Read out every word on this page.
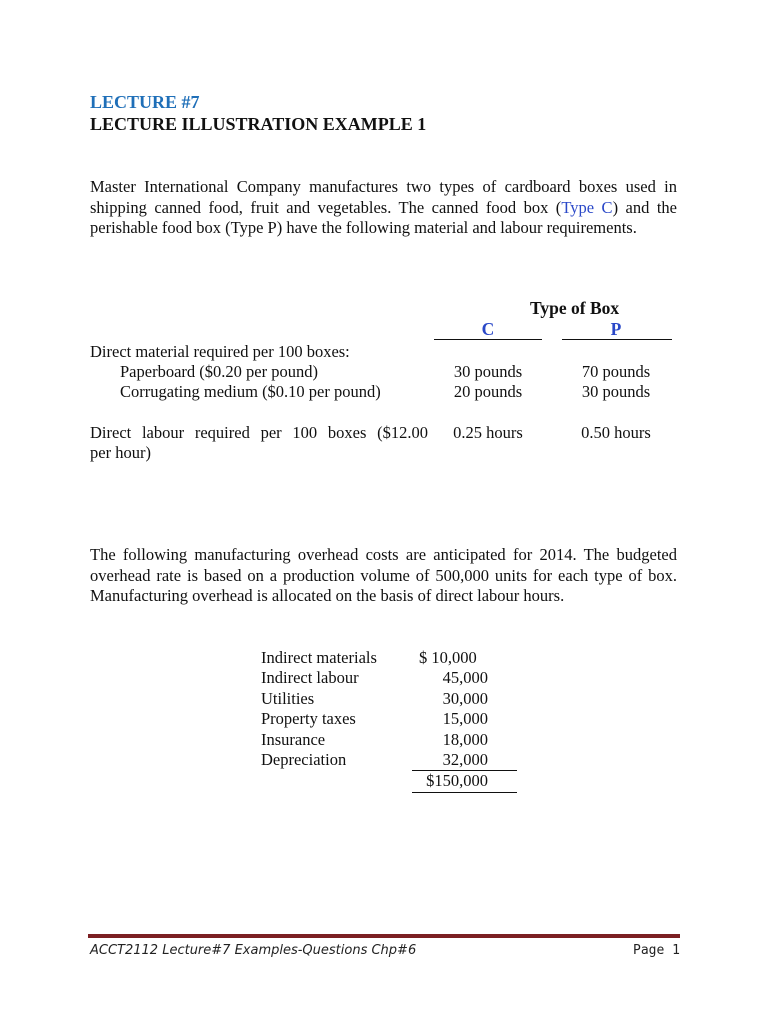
LECTURE #7
LECTURE ILLUSTRATION EXAMPLE 1
Master International Company manufactures two types of cardboard boxes used in shipping canned food, fruit and vegetables. The canned food box (Type C) and the perishable food box (Type P) have the following material and labour requirements.
Type of Box
C	P
Direct material required per 100 boxes:
Paperboard ($0.20 per pound)	30 pounds	70 pounds
Corrugating medium ($0.10 per pound)	20 pounds	30 pounds
Direct labour required per 100 boxes ($12.00
per hour)
0.25 hours	0.50 hours
The following manufacturing overhead costs are anticipated for 2014. The budgeted overhead rate is based on a production volume of 500,000 units for each type of box. Manufacturing overhead is allocated on the basis of direct labour hours.
Indirect materials	$ 10,000
Indirect labour	45,000
Utilities	30,000
Property taxes	15,000
Insurance	18,000
Depreciation	32,000
$150,000
ACCT2112 Lecture#7 Examples-Questions Chp#6	Page 1
